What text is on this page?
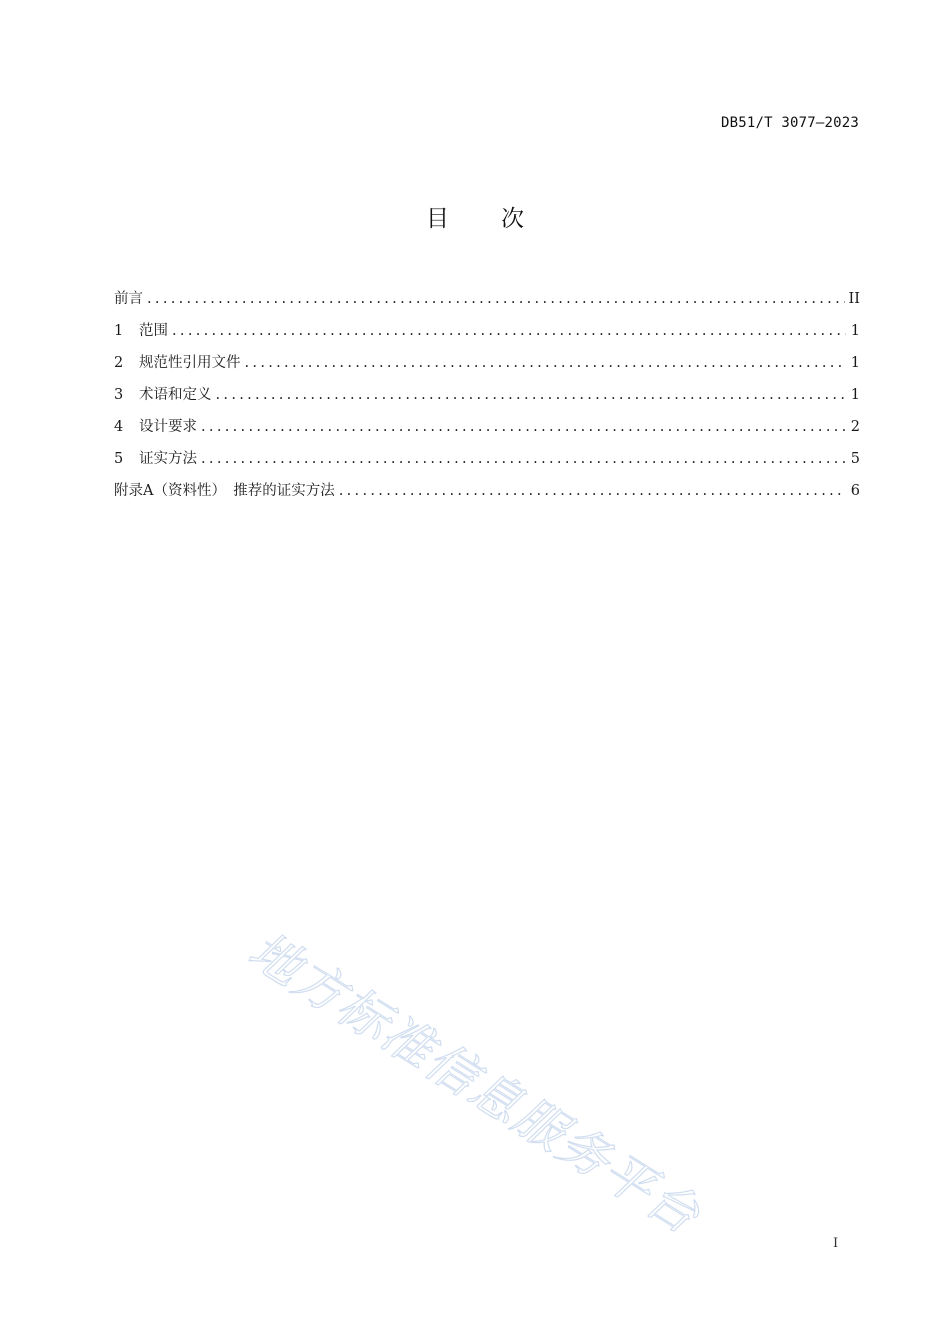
DB51/T 3077—2023
目次
前言 .....	II
1	范围 .....	1
2	规范性引用文件 .....	1
3	术语和定义 .....	1
4	设计要求 .....	2
5	证实方法 .....	5
附录A（资料性）　推荐的证实方法 .....	6
地方标准信息服务平台	I
